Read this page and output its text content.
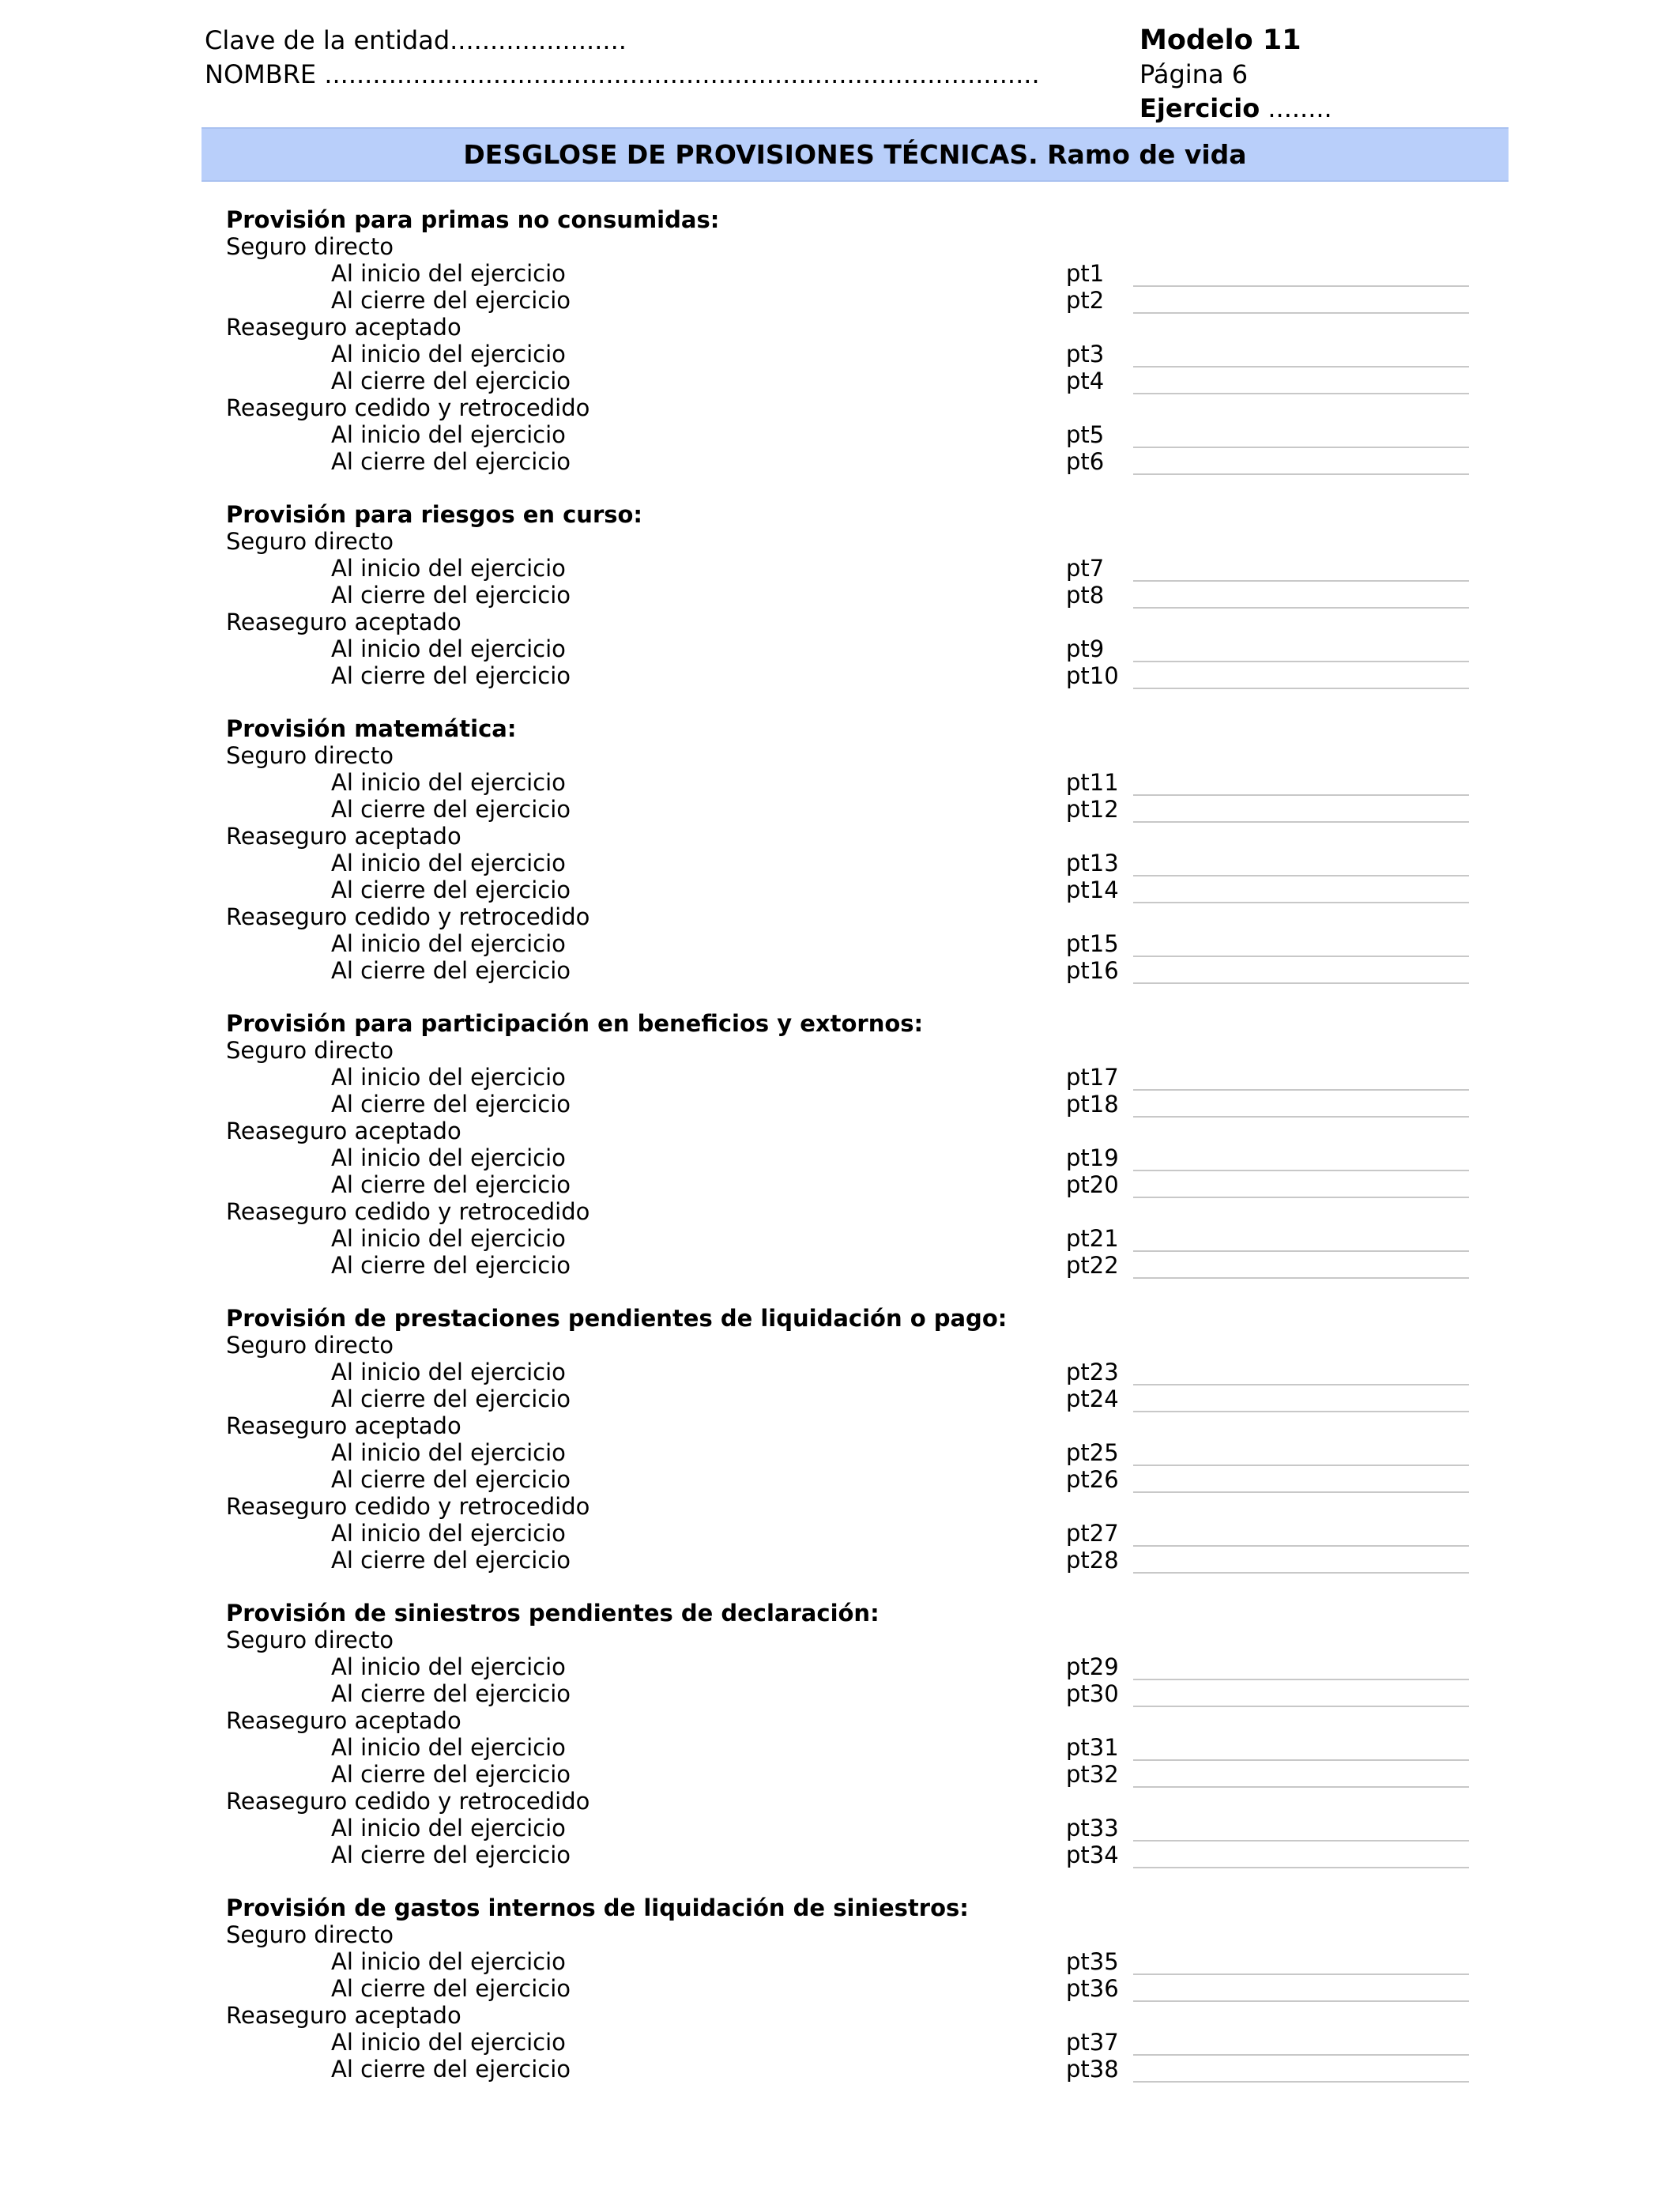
Clave de la entidad......................	Modelo 11
NOMBRE .........................................................................................	Página 6
Ejercicio ........
DESGLOSE DE PROVISIONES TÉCNICAS. Ramo de vida
Provisión para primas no consumidas:
Seguro directo
Al inicio del ejercicio	pt1
Al cierre del ejercicio	pt2
Reaseguro aceptado
Al inicio del ejercicio	pt3
Al cierre del ejercicio	pt4
Reaseguro cedido y retrocedido
Al inicio del ejercicio	pt5
Al cierre del ejercicio	pt6
Provisión para riesgos en curso:
Seguro directo
Al inicio del ejercicio	pt7
Al cierre del ejercicio	pt8
Reaseguro aceptado
Al inicio del ejercicio	pt9
Al cierre del ejercicio	pt10
Provisión matemática:
Seguro directo
Al inicio del ejercicio	pt11
Al cierre del ejercicio	pt12
Reaseguro aceptado
Al inicio del ejercicio	pt13
Al cierre del ejercicio	pt14
Reaseguro cedido y retrocedido
Al inicio del ejercicio	pt15
Al cierre del ejercicio	pt16
Provisión para participación en beneficios y extornos:
Seguro directo
Al inicio del ejercicio	pt17
Al cierre del ejercicio	pt18
Reaseguro aceptado
Al inicio del ejercicio	pt19
Al cierre del ejercicio	pt20
Reaseguro cedido y retrocedido
Al inicio del ejercicio	pt21
Al cierre del ejercicio	pt22
Provisión de prestaciones pendientes de liquidación o pago:
Seguro directo
Al inicio del ejercicio	pt23
Al cierre del ejercicio	pt24
Reaseguro aceptado
Al inicio del ejercicio	pt25
Al cierre del ejercicio	pt26
Reaseguro cedido y retrocedido
Al inicio del ejercicio	pt27
Al cierre del ejercicio	pt28
Provisión de siniestros pendientes de declaración:
Seguro directo
Al inicio del ejercicio	pt29
Al cierre del ejercicio	pt30
Reaseguro aceptado
Al inicio del ejercicio	pt31
Al cierre del ejercicio	pt32
Reaseguro cedido y retrocedido
Al inicio del ejercicio	pt33
Al cierre del ejercicio	pt34
Provisión de gastos internos de liquidación de siniestros:
Seguro directo
Al inicio del ejercicio	pt35
Al cierre del ejercicio	pt36
Reaseguro aceptado
Al inicio del ejercicio	pt37
Al cierre del ejercicio	pt38
